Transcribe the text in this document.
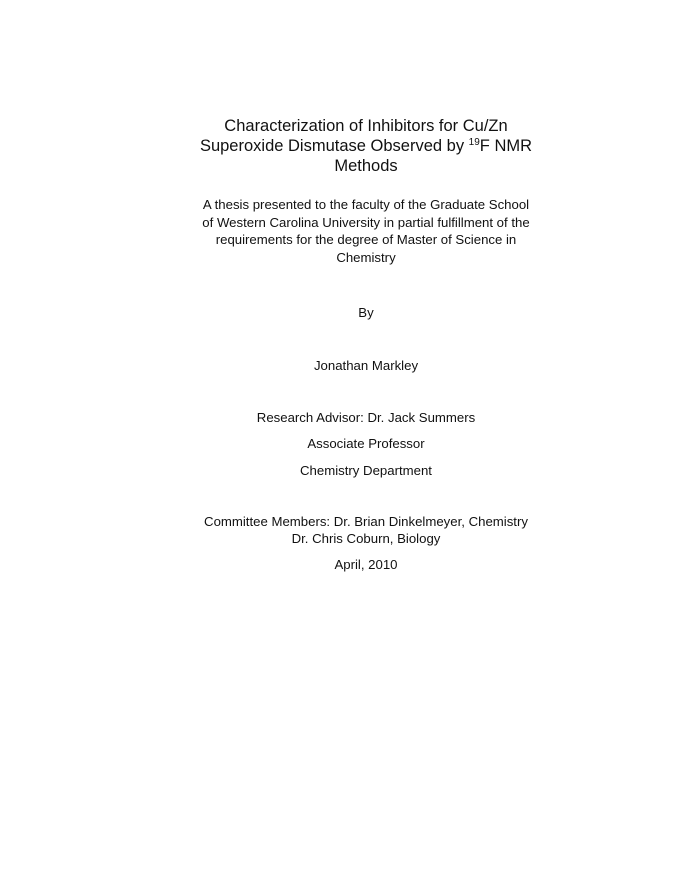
Characterization of Inhibitors for Cu/Zn
Superoxide Dismutase Observed by $^{19}$F NMR
Methods
A thesis presented to the faculty of the Graduate School
of Western Carolina University in partial fulfillment of the
requirements for the degree of Master of Science in
Chemistry
By
Jonathan Markley
Research Advisor: Dr. Jack Summers
Associate Professor
Chemistry Department
Committee Members: Dr. Brian Dinkelmeyer, Chemistry
Dr. Chris Coburn, Biology
April, 2010
